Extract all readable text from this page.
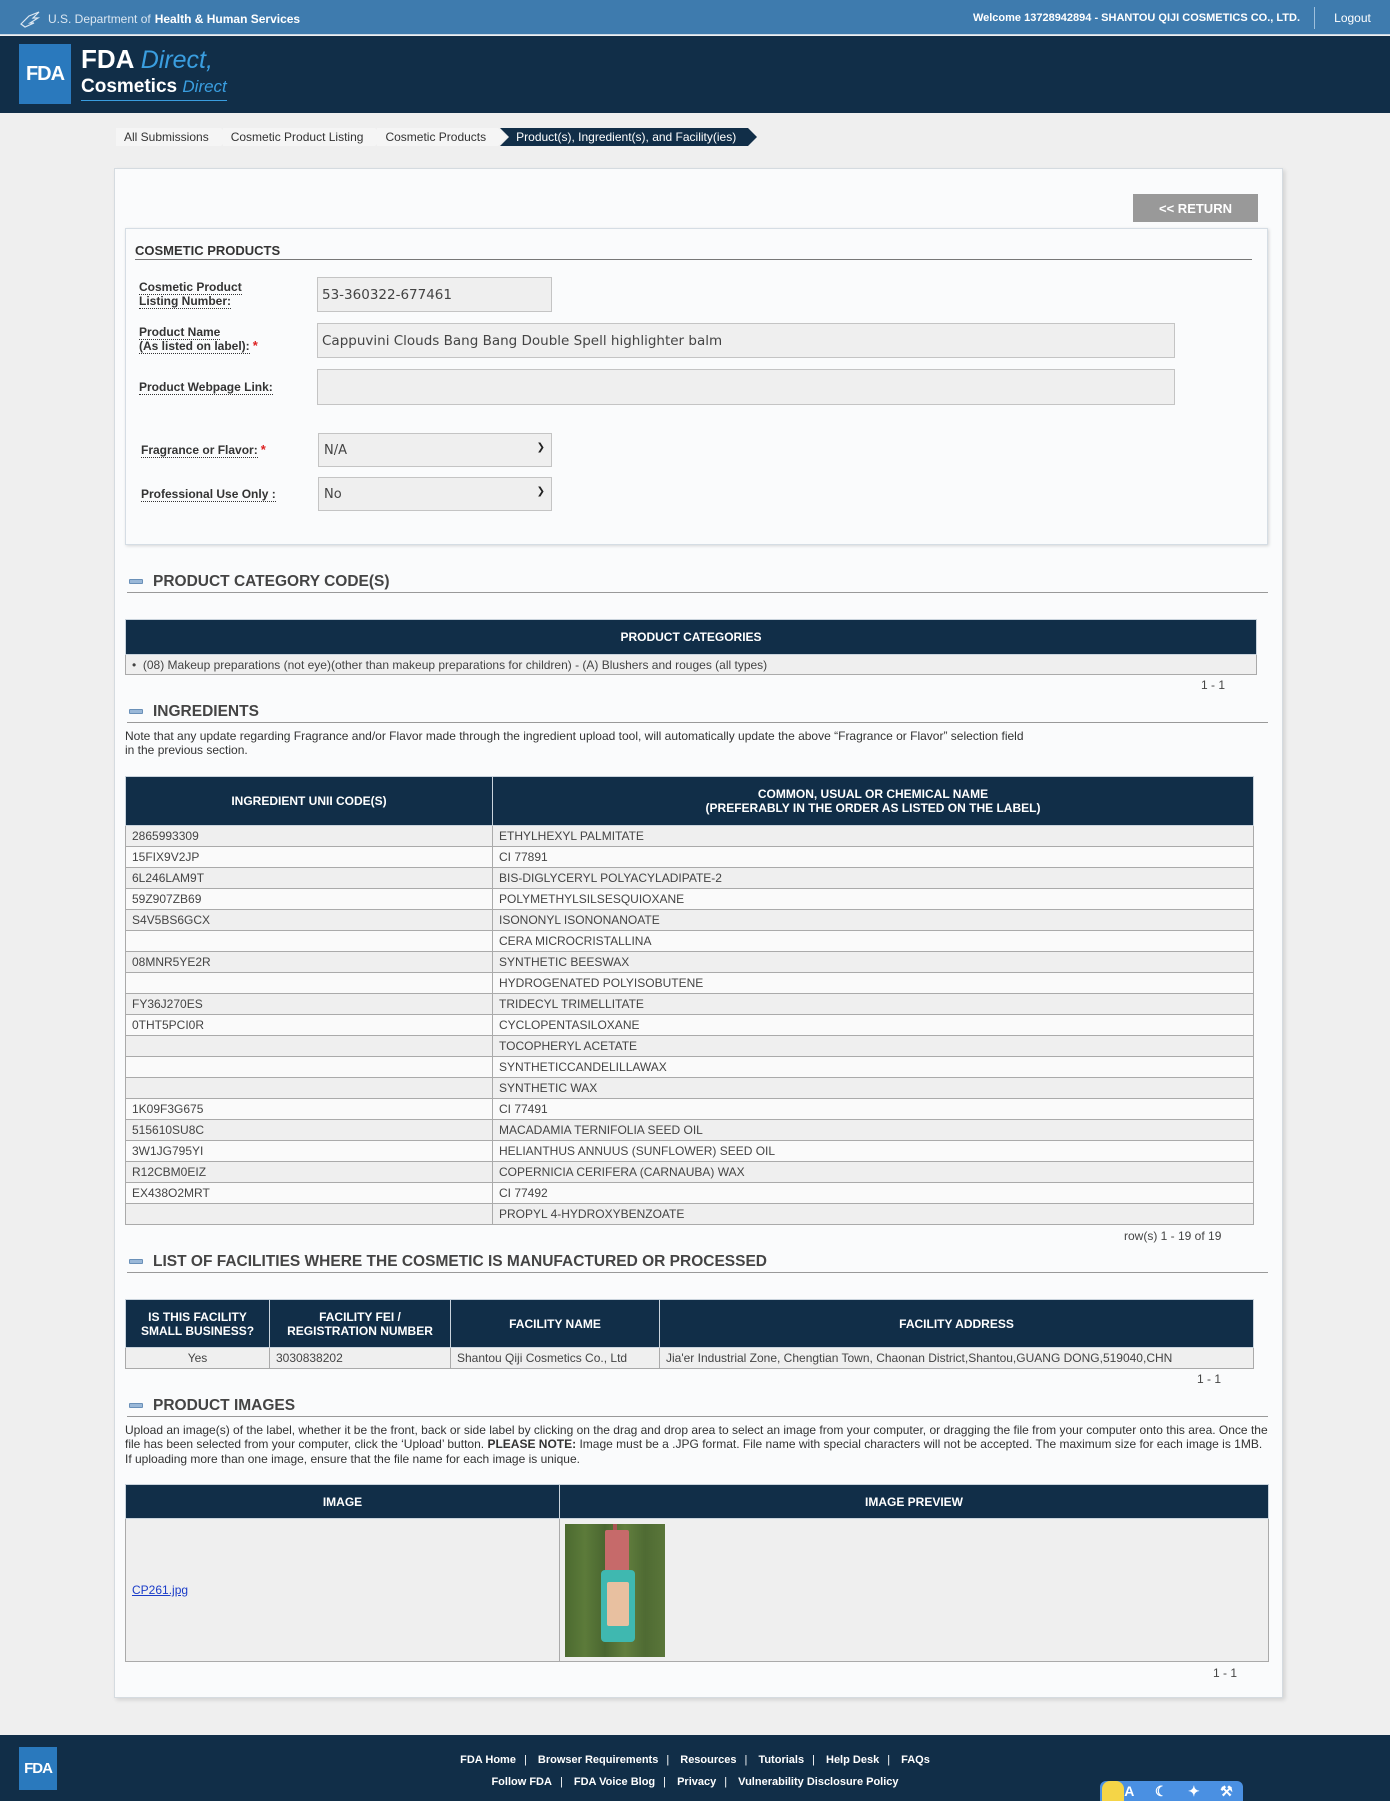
U.S. Department of Health & Human Services	Welcome 13728942894 - SHANTOU QIJI COSMETICS CO., LTD.	Logout
FDA FDA Direct,
Cosmetics Direct
All Submissions	Cosmetic Product Listing	Cosmetic Products	Product(s), Ingredient(s), and Facility(ies)
<< RETURN
COSMETIC PRODUCTS
Cosmetic Product
Listing Number:	53-360322-677461
Product Name
(As listed on label): *	Cappuvini Clouds Bang Bang Double Spell highlighter balm
Product Webpage Link:
Fragrance or Flavor: *	N/A	❯
Professional Use Only :	No	❯
PRODUCT CATEGORY CODE(S)
PRODUCT CATEGORIES
• (08) Makeup preparations (not eye)(other than makeup preparations for children) - (A) Blushers and rouges (all types)
1 - 1
INGREDIENTS
Note that any update regarding Fragrance and/or Flavor made through the ingredient upload tool, will automatically update the above “Fragrance or Flavor” selection field
in the previous section.
INGREDIENT UNII CODE(S)	COMMON, USUAL OR CHEMICAL NAME
(PREFERABLY IN THE ORDER AS LISTED ON THE LABEL)
2865993309	ETHYLHEXYL PALMITATE
15FIX9V2JP	CI 77891
6L246LAM9T	BIS-DIGLYCERYL POLYACYLADIPATE-2
59Z907ZB69	POLYMETHYLSILSESQUIOXANE
S4V5BS6GCX	ISONONYL ISONONANOATE
	CERA MICROCRISTALLINA
08MNR5YE2R	SYNTHETIC BEESWAX
	HYDROGENATED POLYISOBUTENE
FY36J270ES	TRIDECYL TRIMELLITATE
0THT5PCI0R	CYCLOPENTASILOXANE
	TOCOPHERYL ACETATE
	SYNTHETICCANDELILLAWAX
	SYNTHETIC WAX
1K09F3G675	CI 77491
515610SU8C	MACADAMIA TERNIFOLIA SEED OIL
3W1JG795YI	HELIANTHUS ANNUUS (SUNFLOWER) SEED OIL
R12CBM0EIZ	COPERNICIA CERIFERA (CARNAUBA) WAX
EX438O2MRT	CI 77492
	PROPYL 4-HYDROXYBENZOATE
row(s) 1 - 19 of 19
LIST OF FACILITIES WHERE THE COSMETIC IS MANUFACTURED OR PROCESSED
IS THIS FACILITY
SMALL BUSINESS?	FACILITY FEI /
REGISTRATION NUMBER	FACILITY NAME	FACILITY ADDRESS
Yes	3030838202	Shantou Qiji Cosmetics Co., Ltd	Jia'er Industrial Zone, Chengtian Town, Chaonan District,Shantou,GUANG DONG,519040,CHN
1 - 1
PRODUCT IMAGES
Upload an image(s) of the label, whether it be the front, back or side label by clicking on the drag and drop area to select an image from your computer, or dragging the file from your computer onto this area. Once the
file has been selected from your computer, click the ‘Upload’ button. PLEASE NOTE: Image must be a .JPG format. File name with special characters will not be accepted. The maximum size for each image is 1MB.
If uploading more than one image, ensure that the file name for each image is unique.
IMAGE	IMAGE PREVIEW
CP261.jpg	
1 - 1
FDA	FDA Home | Browser Requirements | Resources | Tutorials | Help Desk | FAQs
Follow FDA | FDA Voice Blog | Privacy | Vulnerability Disclosure Policy
A ☾ ✦ ⚒
